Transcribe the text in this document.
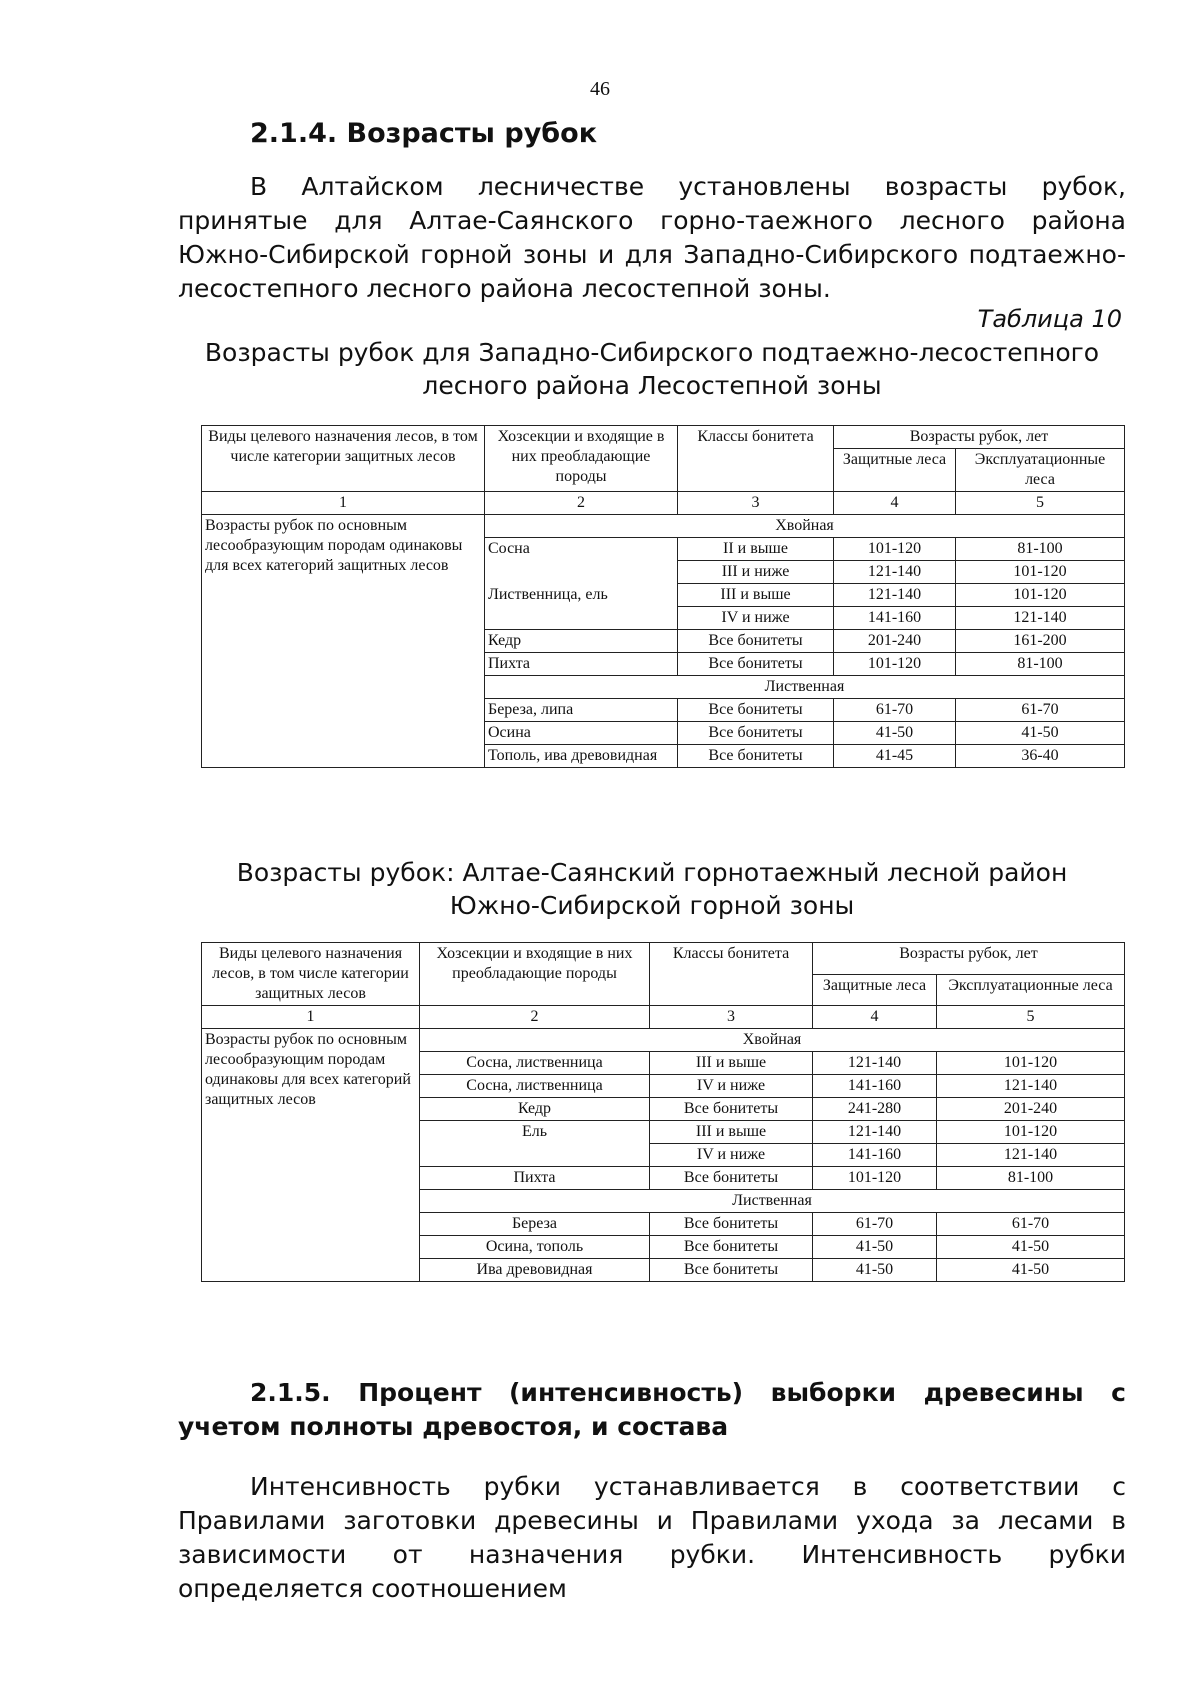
46
2.1.4. Возрасты рубок

В Алтайском лесничестве установлены возрасты рубок, принятые для Алтае-Саянского горно-таежного лесного района Южно-Сибирской горной зоны и для Западно-Сибирского подтаежно-лесостепного лесного района лесостепной зоны.

Таблица 10

Возрасты рубок для Западно-Сибирского подтаежно-лесостепного
лесного района Лесостепной зоны

Виды целевого назначения лесов, в том числе категории защитных лесов	Хозсекции и входящие в них преобладающие породы	Классы бонитета	Возрасты рубок, лет	
			Защитные леса	Эксплуатационные леса
1	2	3	4	5
Возрасты рубок по основным лесообразующим породам одинаковы для всех категорий защитных лесов	Хвойная			
	Сосна	II и выше	101-120	81-100
		III и ниже	121-140	101-120
	Лиственница, ель	III и выше	121-140	101-120
		IV и ниже	141-160	121-140
	Кедр	Все бонитеты	201-240	161-200
	Пихта	Все бонитеты	101-120	81-100
	Лиственная			
	Береза, липа	Все бонитеты	61-70	61-70
	Осина	Все бонитеты	41-50	41-50
	Тополь, ива древовидная	Все бонитеты	41-45	36-40

Возрасты рубок: Алтае-Саянский горнотаежный лесной район
Южно-Сибирской горной зоны

Виды целевого назначения лесов, в том числе категории защитных лесов	Хозсекции и входящие в них преобладающие породы	Классы бонитета	Возрасты рубок, лет	
			Защитные леса	Эксплуатационные леса
1	2	3	4	5
Возрасты рубок по основным лесообразующим породам одинаковы для всех категорий защитных лесов	Хвойная			
	Сосна, лиственница	III и выше	121-140	101-120
	Сосна, лиственница	IV и ниже	141-160	121-140
	Кедр	Все бонитеты	241-280	201-240
	Ель	III и выше	121-140	101-120
		IV и ниже	141-160	121-140
	Пихта	Все бонитеты	101-120	81-100
	Лиственная			
	Береза	Все бонитеты	61-70	61-70
	Осина, тополь	Все бонитеты	41-50	41-50
	Ива древовидная	Все бонитеты	41-50	41-50
2.1.5. Процент (интенсивность) выборки древесины с учетом полноты древостоя, и состава

Интенсивность рубки устанавливается в соответствии с Правилами заготовки древесины и Правилами ухода за лесами в зависимости от назначения рубки. Интенсивность рубки определяется соотношением
